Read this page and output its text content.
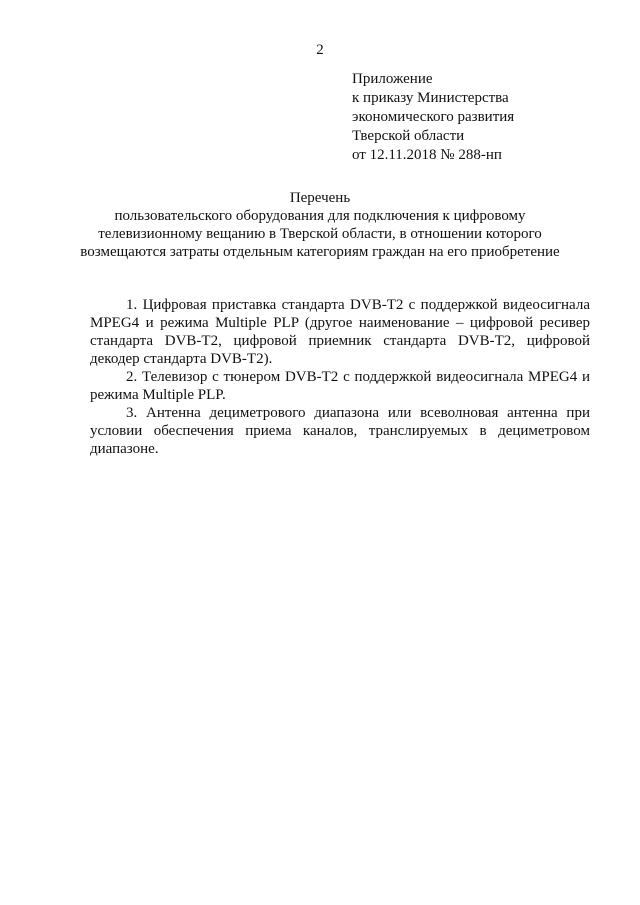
2
Приложение
к приказу Министерства
экономического развития
Тверской области
от 12.11.2018 № 288-нп
Перечень
пользовательского оборудования для подключения к цифровому
телевизионному вещанию в Тверской области, в отношении которого
возмещаются затраты отдельным категориям граждан на его приобретение

1. Цифровая приставка стандарта DVB-T2 с поддержкой видеосигнала MPEG4 и режима Multiple PLP (другое наименование – цифровой ресивер стандарта DVB-T2, цифровой приемник стандарта DVB-T2, цифровой декодер стандарта DVB-T2).

2. Телевизор с тюнером DVB-T2 с поддержкой видеосигнала MPEG4 и режима Multiple PLP.

3. Антенна дециметрового диапазона или всеволновая антенна при условии обеспечения приема каналов, транслируемых в дециметровом диапазоне.
